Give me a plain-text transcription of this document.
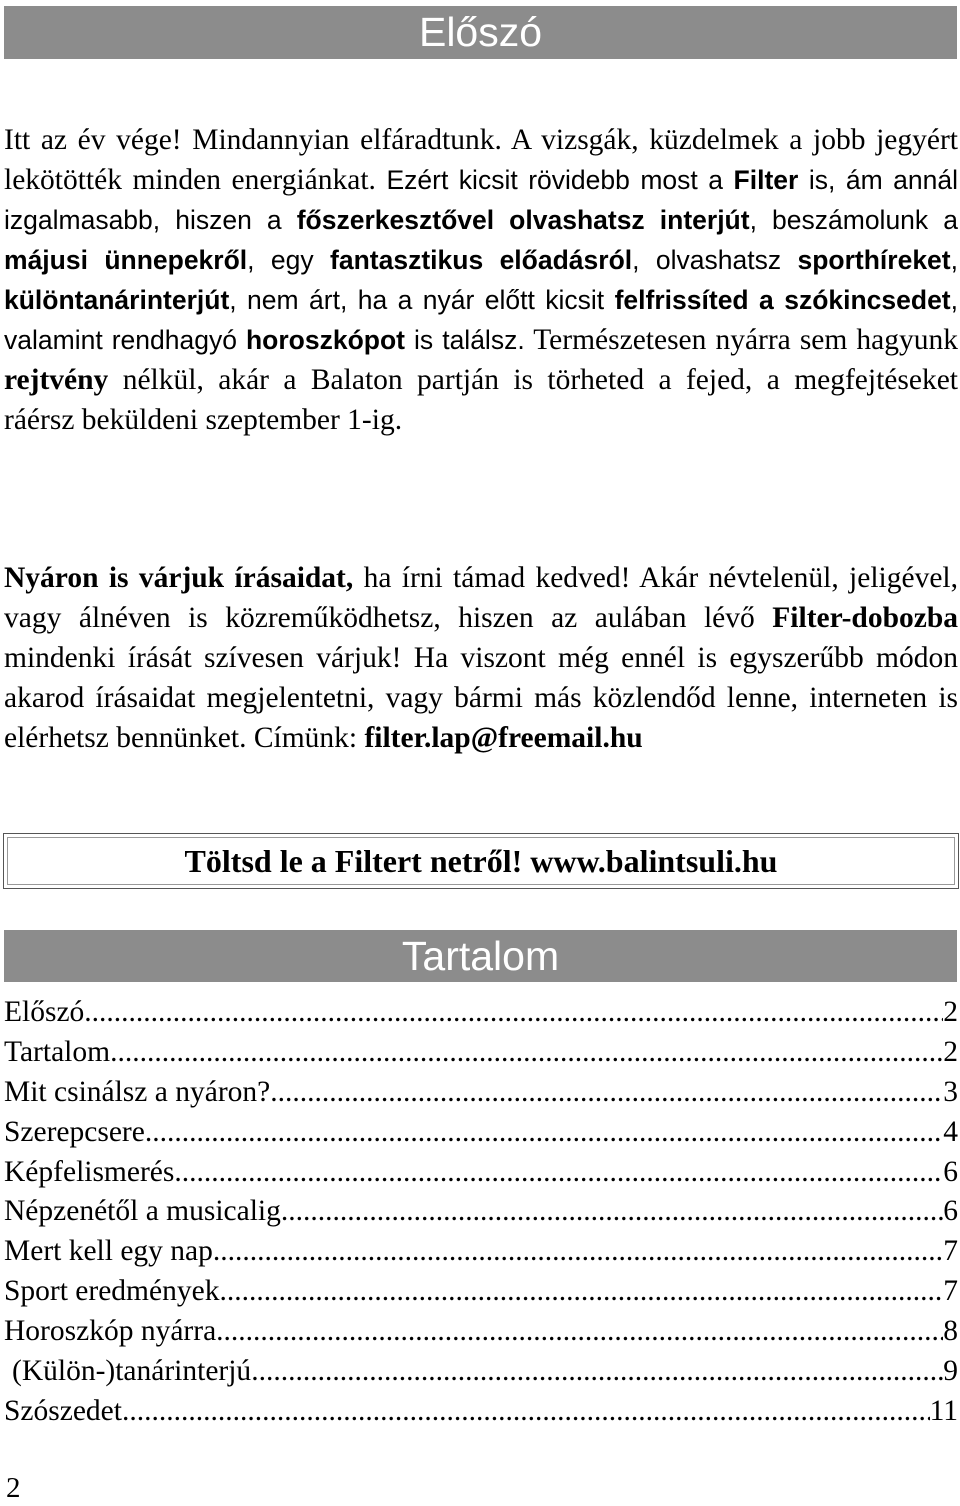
Előszó

Itt az év vége! Mindannyian elfáradtunk. A vizsgák, küzdelmek a jobb jegyért lekötötték minden energiánkat. Ezért kicsit rövidebb most a Filter is, ám annál izgalmasabb, hiszen a főszerkesztővel olvashatsz interjút, beszámolunk a májusi ünnepekről, egy fantasztikus előadásról, olvashatsz sporthíreket, különtanárinterjút, nem árt, ha a nyár előtt kicsit felfrissíted a szókincsedet, valamint rendhagyó horoszkópot is találsz. Természetesen nyárra sem hagyunk rejtvény nélkül, akár a Balaton partján is törheted a fejed, a megfejtéseket ráérsz beküldeni szeptember 1-ig.

Nyáron is várjuk írásaidat, ha írni támad kedved! Akár névtelenül, jeligével, vagy álnéven is közreműködhetsz, hiszen az aulában lévő Filter-dobozba mindenki írását szívesen várjuk! Ha viszont még ennél is egyszerűbb módon akarod írásaidat megjelentetni, vagy bármi más közlendőd lenne, interneten is elérhetsz bennünket. Címünk: filter.lap@freemail.hu

Töltsd le a Filtert netről! www.balintsuli.hu
Tartalom
Előszó .....	2
Tartalom .....	2
Mit csinálsz a nyáron? .....	3
Szerepcsere .....	4
Képfelismerés .....	6
Népzenétől a musicalig .....	6
Mert kell egy nap .....	7
Sport eredmények .....	7
Horoszkóp nyárra .....	8
(Külön-)tanárinterjú .....	9
Szószedet .....	11
2
